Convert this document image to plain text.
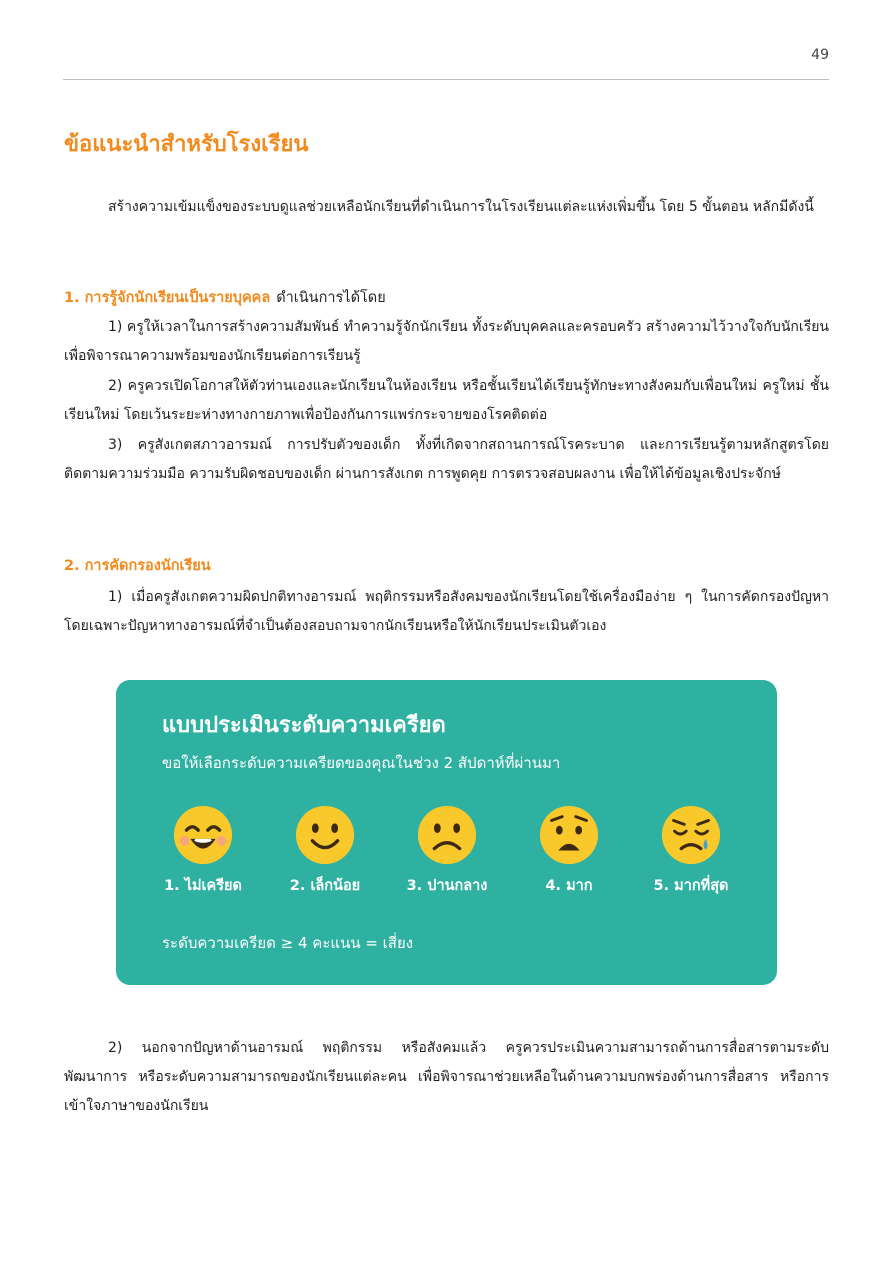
49
ข้อแนะนำสำหรับโรงเรียน

สร้างความเข้มแข็งของระบบดูแลช่วยเหลือนักเรียนที่ดำเนินการในโรงเรียนแต่ละแห่งเพิ่มขึ้น โดย 5 ขั้นตอน หลักมีดังนี้

1. การรู้จักนักเรียนเป็นรายบุคคล ดำเนินการได้โดย

1) ครูให้เวลาในการสร้างความสัมพันธ์ ทำความรู้จักนักเรียน ทั้งระดับบุคคลและครอบครัว สร้างความไว้วางใจกับนักเรียน เพื่อพิจารณาความพร้อมของนักเรียนต่อการเรียนรู้

2) ครูควรเปิดโอกาสให้ตัวท่านเองและนักเรียนในห้องเรียน หรือชั้นเรียนได้เรียนรู้ทักษะทางสังคมกับเพื่อนใหม่ ครูใหม่ ชั้นเรียนใหม่ โดยเว้นระยะห่างทางกายภาพเพื่อป้องกันการแพร่กระจายของโรคติดต่อ

3) ครูสังเกตสภาวอารมณ์ การปรับตัวของเด็ก ทั้งที่เกิดจากสถานการณ์โรคระบาด และการเรียนรู้ตามหลักสูตรโดยติดตามความร่วมมือ ความรับผิดชอบของเด็ก ผ่านการสังเกต การพูดคุย การตรวจสอบผลงาน เพื่อให้ได้ข้อมูลเชิงประจักษ์

2. การคัดกรองนักเรียน

1) เมื่อครูสังเกตความผิดปกติทางอารมณ์ พฤติกรรมหรือสังคมของนักเรียนโดยใช้เครื่องมือง่าย ๆ ในการคัดกรองปัญหา โดยเฉพาะปัญหาทางอารมณ์ที่จำเป็นต้องสอบถามจากนักเรียนหรือให้นักเรียนประเมินตัวเอง

แบบประเมินระดับความเครียด

ขอให้เลือกระดับความเครียดของคุณในช่วง 2 สัปดาห์ที่ผ่านมา

1. ไม่เครียด	2. เล็กน้อย	3. ปานกลาง	4. มาก	5. มากที่สุด

ระดับความเครียด ≥ 4 คะแนน = เสี่ยง

2) นอกจากปัญหาด้านอารมณ์ พฤติกรรม หรือสังคมแล้ว ครูควรประเมินความสามารถด้านการสื่อสารตามระดับพัฒนาการ หรือระดับความสามารถของนักเรียนแต่ละคน เพื่อพิจารณาช่วยเหลือในด้านความบกพร่องด้านการสื่อสาร หรือการเข้าใจภาษาของนักเรียน
